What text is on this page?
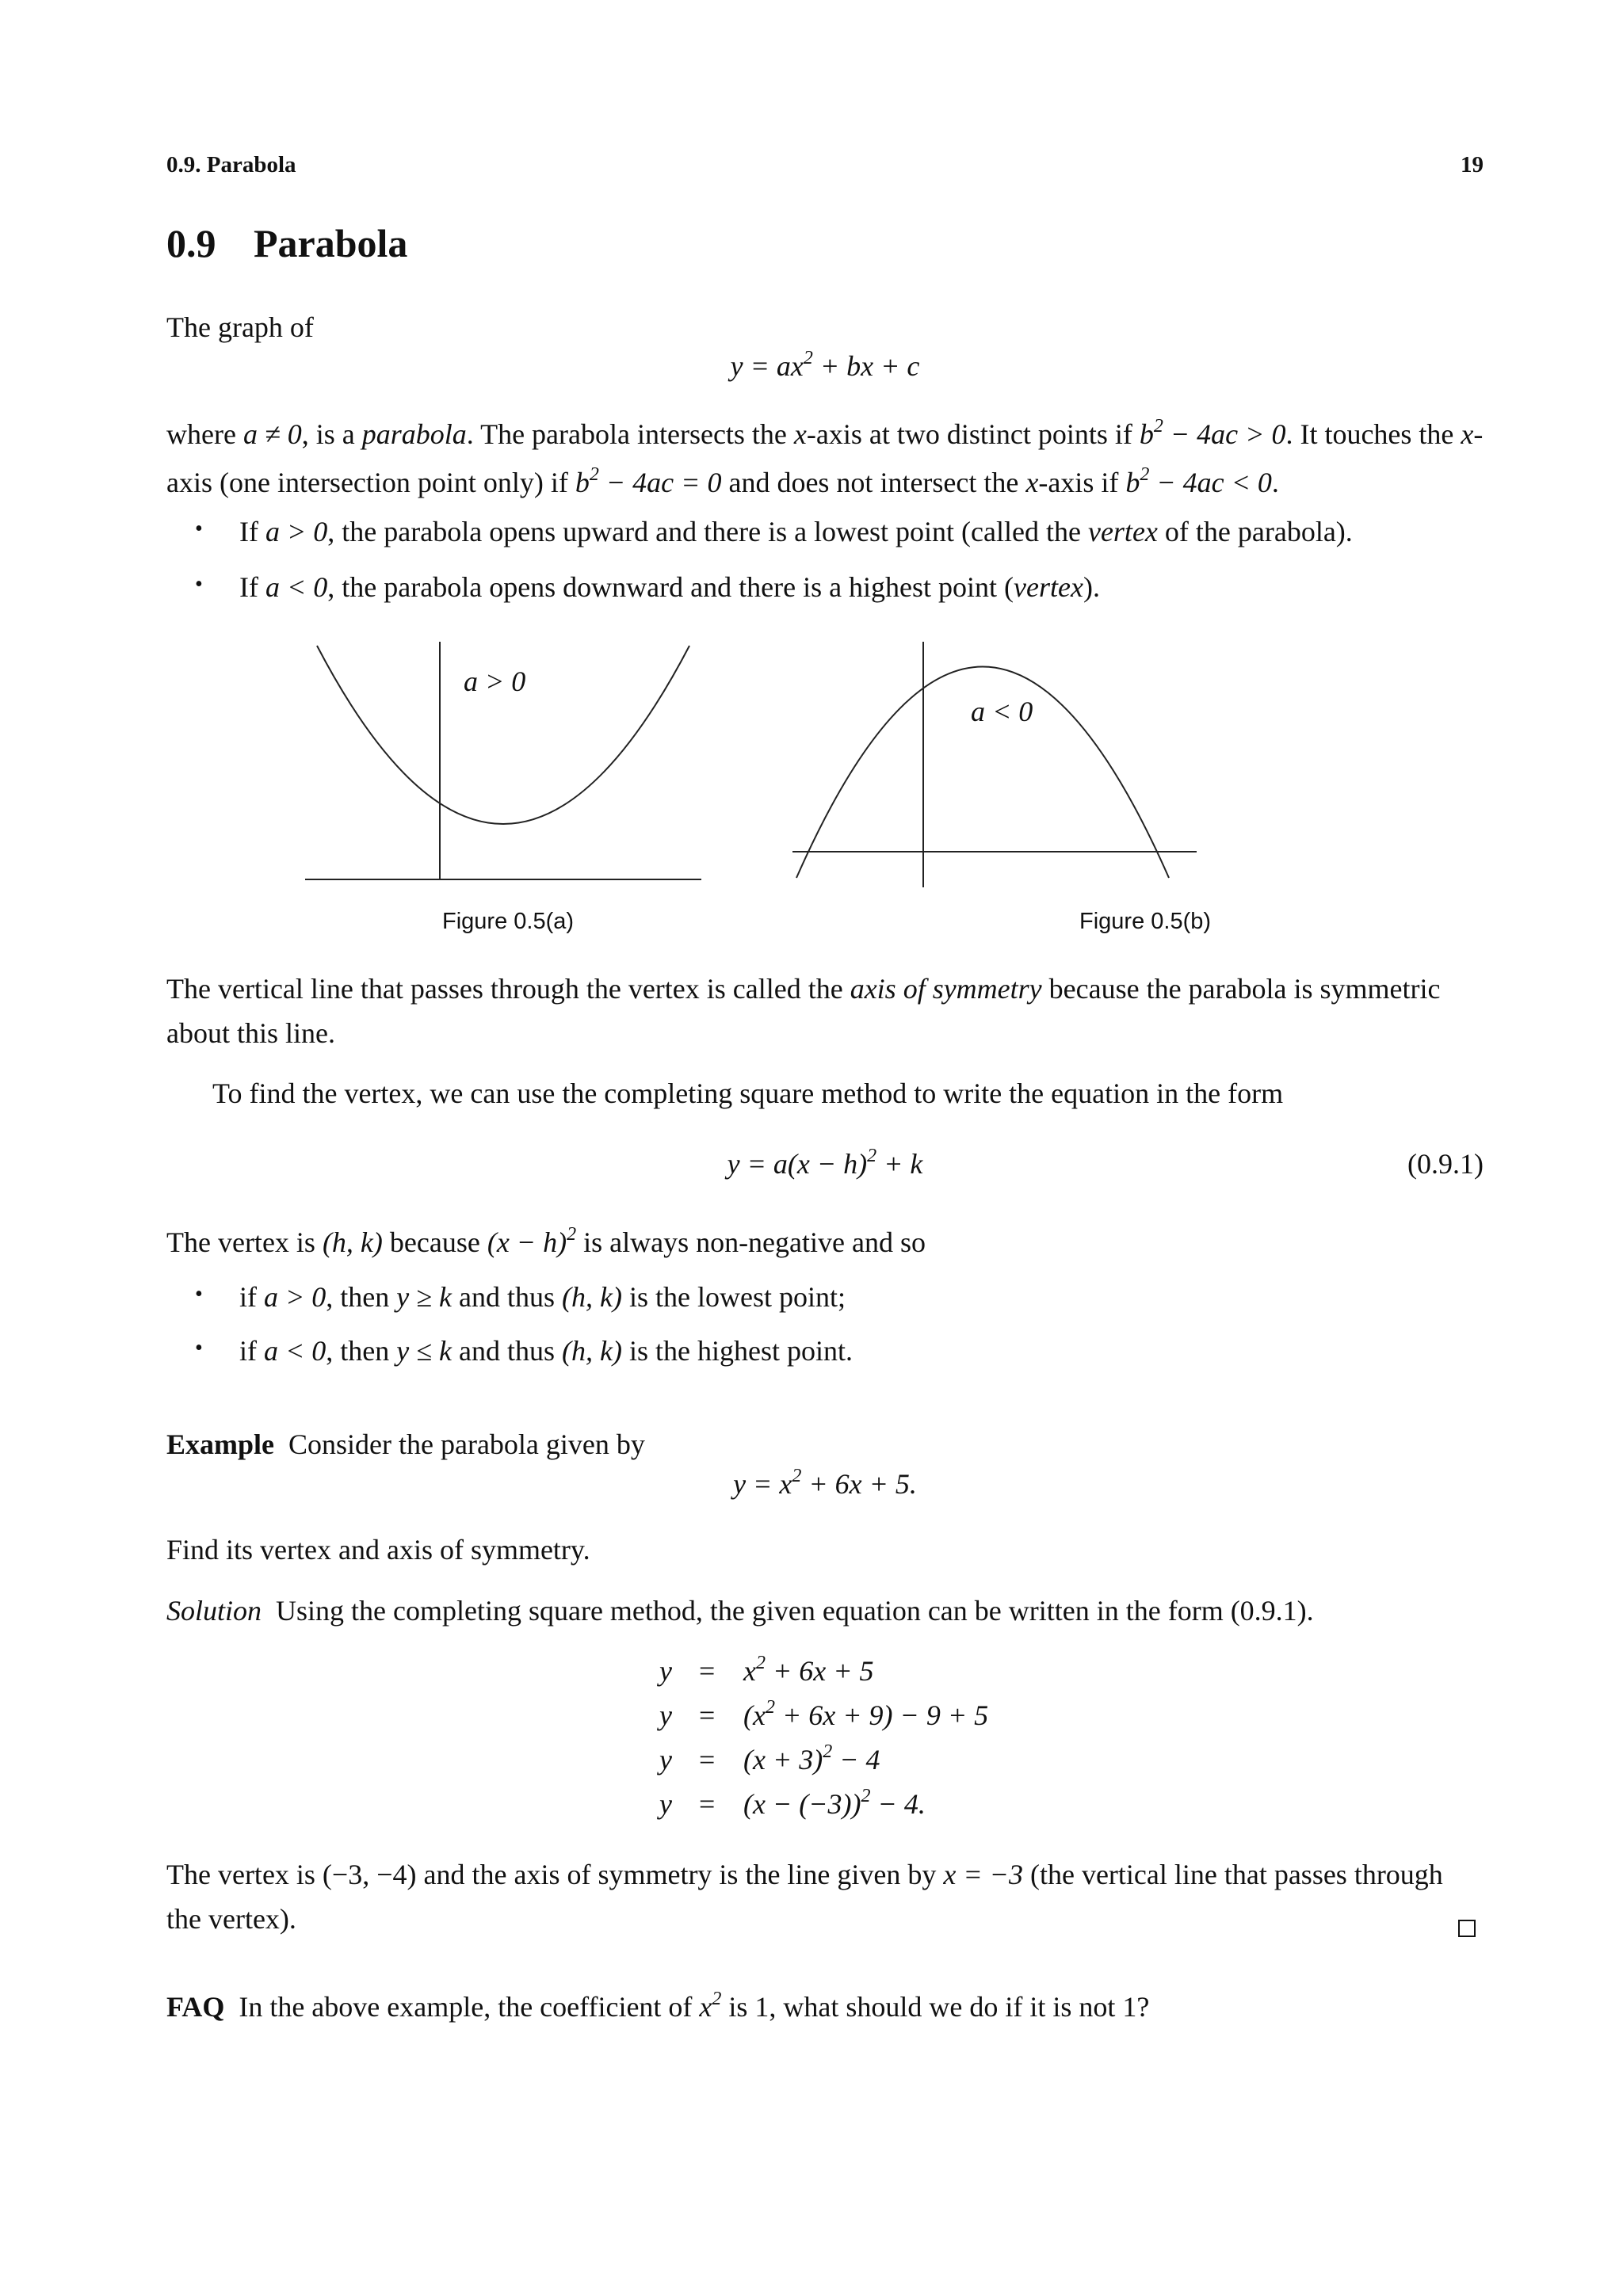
0.9. Parabola	19
0.9 Parabola
The graph of
$y = ax^2$ + bx + c
where a ≠ 0, is a parabola. The parabola intersects the x-axis at two distinct points if $b^2 - 4ac > 0$. It touches the x-axis (one intersection point only) if $b^2 - 4ac = 0$ and does not intersect the x-axis if $b^2 - 4ac < 0$.
• If a > 0, the parabola opens upward and there is a lowest point (called the vertex of the parabola).
• If a < 0, the parabola opens downward and there is a highest point (vertex).
a > 0
Figure 0.5(a)
a < 0
Figure 0.5(b)
The vertical line that passes through the vertex is called the axis of symmetry because the parabola is symmetric about this line.
To find the vertex, we can use the completing square method to write the equation in the form
$y = a(x - h)^2 + k$	(0.9.1)
The vertex is (h, k) because $(x - h)^2$ is always non-negative and so
• if a > 0, then y ≥ k and thus (h, k) is the lowest point;
• if a < 0, then y ≤ k and thus (h, k) is the highest point.
Example Consider the parabola given by
$y = x^2 + 6x + 5$.
Find its vertex and axis of symmetry.
Solution Using the completing square method, the given equation can be written in the form (0.9.1).
$y = x^2 + 6x + 5$
$y = (x^2 + 6x + 9) - 9 + 5$
$y = (x + 3)^2 - 4$
$y = (x - (-3))^2 - 4$.
The vertex is (−3, −4) and the axis of symmetry is the line given by x = −3 (the vertical line that passes through the vertex).
FAQ In the above example, the coefficient of $x^2$ is 1, what should we do if it is not 1?
